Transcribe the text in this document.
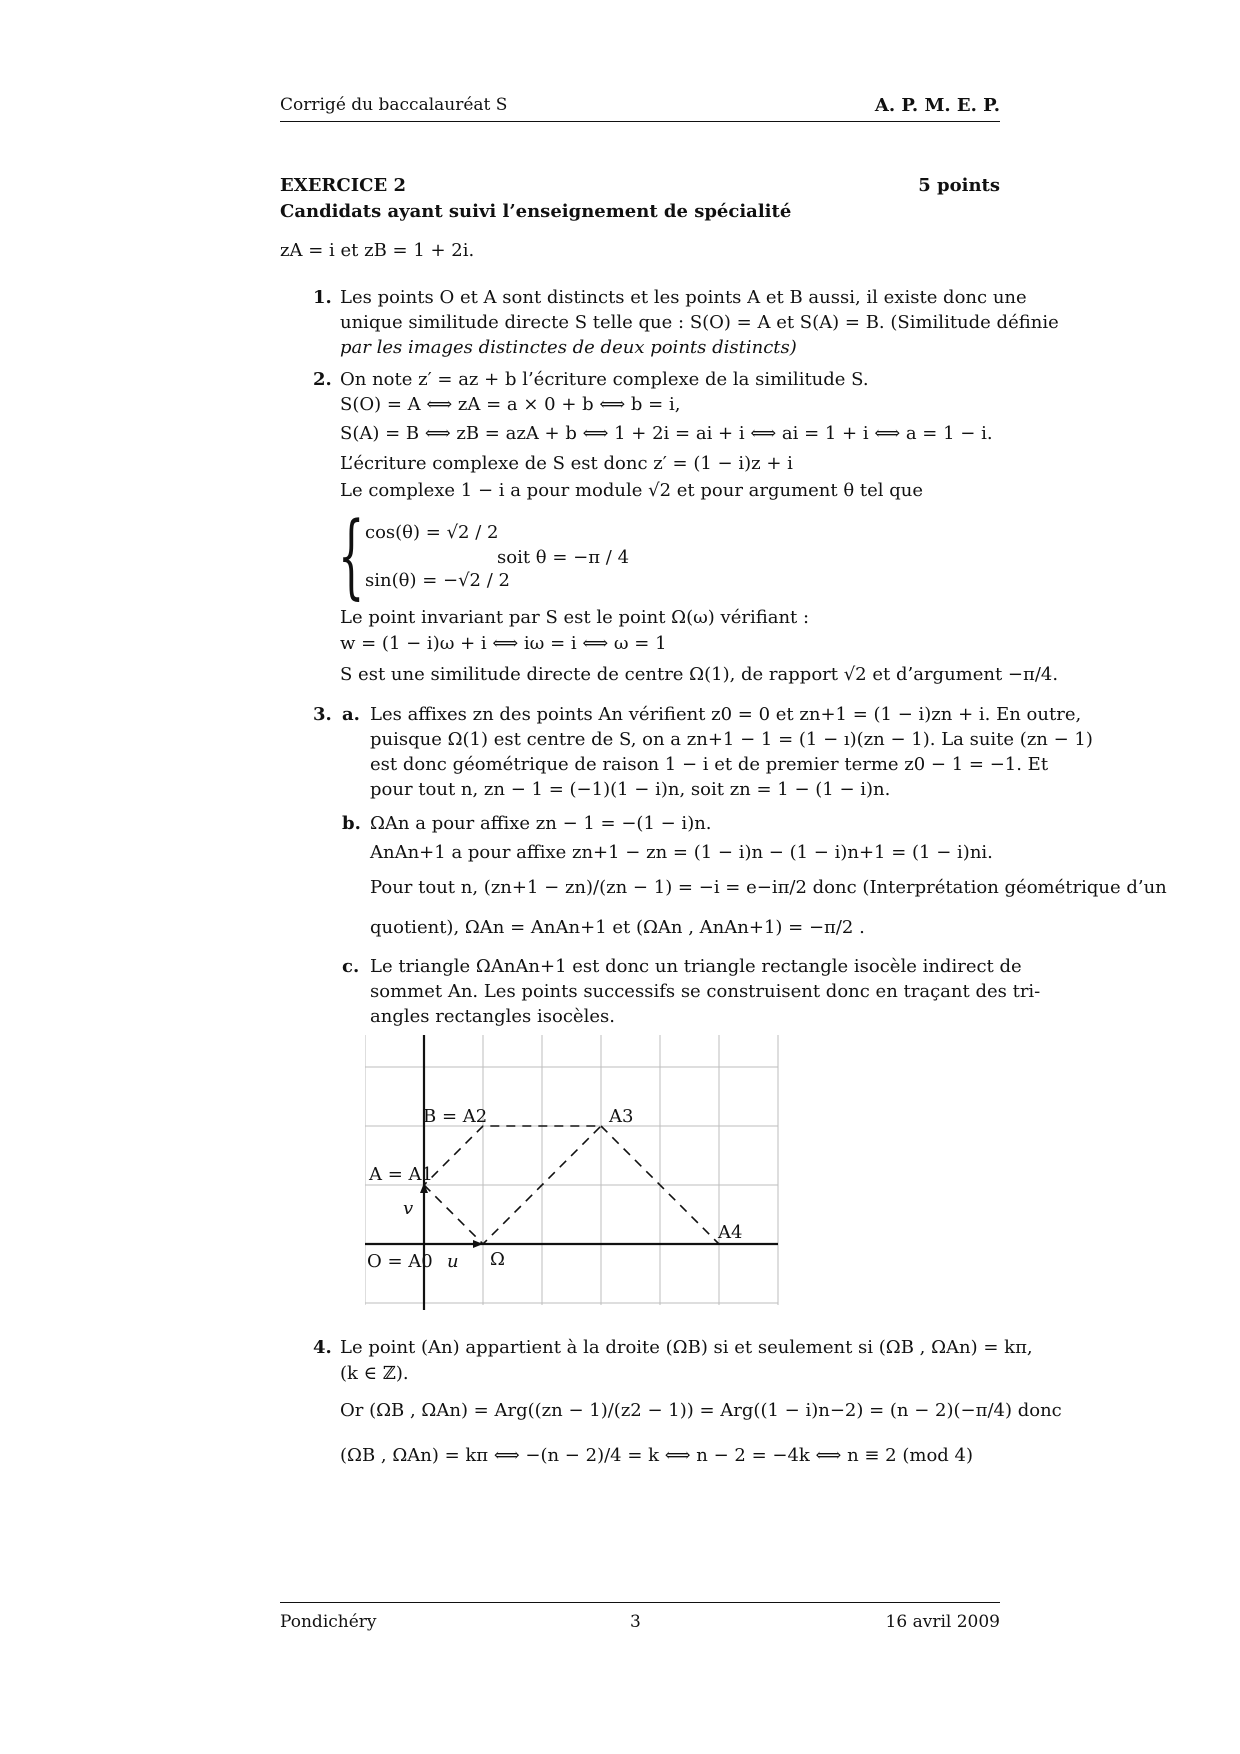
Corrigé du baccalauréat S	A. P. M. E. P.
EXERCICE 2	5 points
Candidats ayant suivi l’enseignement de spécialité
zA = i et zB = 1 + 2i.
1. Les points O et A sont distincts et les points A et B aussi, il existe donc une
unique similitude directe S telle que : S(O) = A et S(A) = B. (Similitude définie
par les images distinctes de deux points distincts)
2. On note z′ = az + b l’écriture complexe de la similitude S.
S(O) = A ⟺ zA = a × 0 + b ⟺ b = i,
S(A) = B ⟺ zB = azA + b ⟺ 1 + 2i = ai + i ⟺ ai = 1 + i ⟺ a = 1 − i.
L’écriture complexe de S est donc z′ = (1 − i)z + i
Le complexe 1 − i a pour module √2 et pour argument θ tel que
{ cos(θ) = √2 / 2
sin(θ) = −√2 / 2
soit θ = −π / 4
Le point invariant par S est le point Ω(ω) vérifiant :
w = (1 − i)ω + i ⟺ iω = i ⟺ ω = 1
S est une similitude directe de centre Ω(1), de rapport √2 et d’argument −π/4.
3. a. Les affixes zn des points An vérifient z0 = 0 et zn+1 = (1 − i)zn + i. En outre,
puisque Ω(1) est centre de S, on a zn+1 − 1 = (1 − ı)(zn − 1). La suite (zn − 1)
est donc géométrique de raison 1 − i et de premier terme z0 − 1 = −1. Et
pour tout n, zn − 1 = (−1)(1 − i)n, soit zn = 1 − (1 − i)n.
b. ΩAn a pour affixe zn − 1 = −(1 − i)n.
AnAn+1 a pour affixe zn+1 − zn = (1 − i)n − (1 − i)n+1 = (1 − i)ni.
Pour tout n, (zn+1 − zn)/(zn − 1) = −i = e−iπ/2 donc (Interprétation géométrique d’un
quotient), ΩAn = AnAn+1 et (ΩAn , AnAn+1) = −π/2 .
c. Le triangle ΩAnAn+1 est donc un triangle rectangle isocèle indirect de
sommet An. Les points successifs se construisent donc en traçant des tri-
angles rectangles isocèles.
B = A2	A3
A = A1
v
A4
O = A0 u Ω
4. Le point (An) appartient à la droite (ΩB) si et seulement si (ΩB , ΩAn) = kπ,
(k ∈ ℤ).
Or (ΩB , ΩAn) = Arg((zn − 1)/(z2 − 1)) = Arg((1 − i)n−2) = (n − 2)(−π/4) donc
(ΩB , ΩAn) = kπ ⟺ −(n − 2)/4 = k ⟺ n − 2 = −4k ⟺ n ≡ 2 (mod 4)
Pondichéry	3	16 avril 2009
